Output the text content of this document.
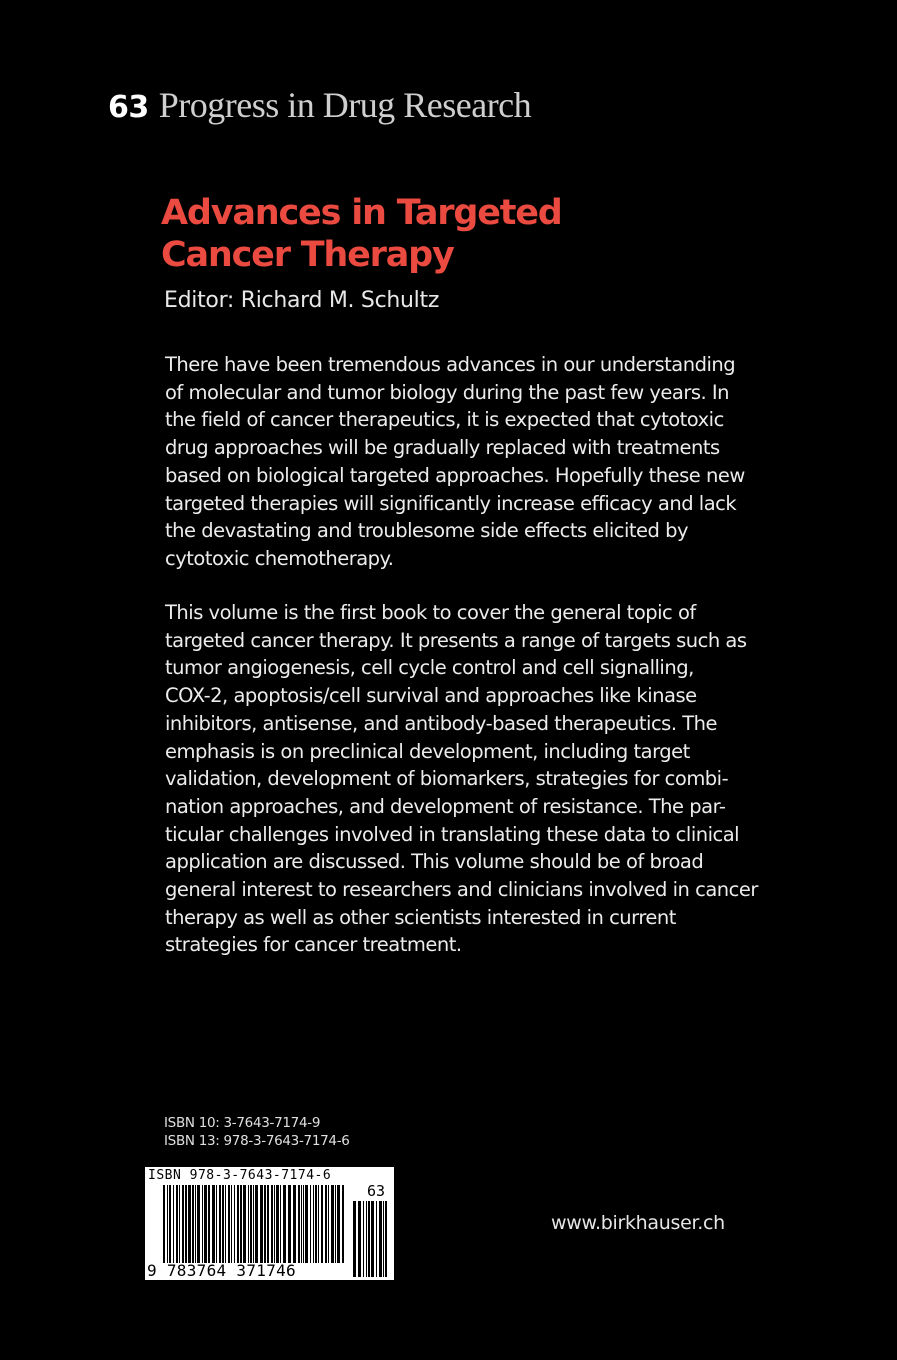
63 Progress in Drug Research
Advances in Targeted
Cancer Therapy
Editor: Richard M. Schultz

There have been tremendous advances in our understanding
of molecular and tumor biology during the past few years. In
the field of cancer therapeutics, it is expected that cytotoxic
drug approaches will be gradually replaced with treatments
based on biological targeted approaches. Hopefully these new
targeted therapies will significantly increase efficacy and lack
the devastating and troublesome side effects elicited by
cytotoxic chemotherapy.

This volume is the first book to cover the general topic of
targeted cancer therapy. It presents a range of targets such as
tumor angiogenesis, cell cycle control and cell signalling,
COX-2, apoptosis/cell survival and approaches like kinase
inhibitors, antisense, and antibody-based therapeutics. The
emphasis is on preclinical development, including target
validation, development of biomarkers, strategies for combi-
nation approaches, and development of resistance. The par-
ticular challenges involved in translating these data to clinical
application are discussed. This volume should be of broad
general interest to researchers and clinicians involved in cancer
therapy as well as other scientists interested in current
strategies for cancer treatment.

ISBN 10: 3-7643-7174-9
ISBN 13: 978-3-7643-7174-6
ISBN 978-3-7643-7174-6
63
9 783764 371746
www.birkhauser.ch
